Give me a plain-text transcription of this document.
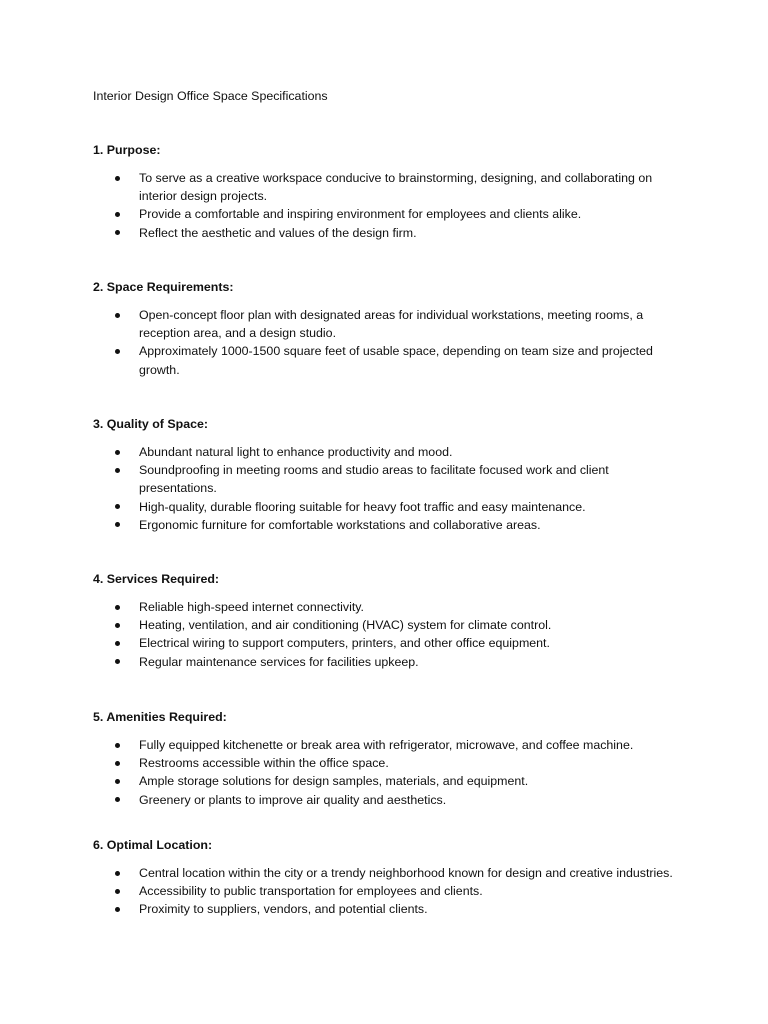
Interior Design Office Space Specifications
1. Purpose:
To serve as a creative workspace conducive to brainstorming, designing, and collaborating on interior design projects.
Provide a comfortable and inspiring environment for employees and clients alike.
Reflect the aesthetic and values of the design firm.
2. Space Requirements:
Open-concept floor plan with designated areas for individual workstations, meeting rooms, a reception area, and a design studio.
Approximately 1000-1500 square feet of usable space, depending on team size and projected growth.
3. Quality of Space:
Abundant natural light to enhance productivity and mood.
Soundproofing in meeting rooms and studio areas to facilitate focused work and client presentations.
High-quality, durable flooring suitable for heavy foot traffic and easy maintenance.
Ergonomic furniture for comfortable workstations and collaborative areas.
4. Services Required:
Reliable high-speed internet connectivity.
Heating, ventilation, and air conditioning (HVAC) system for climate control.
Electrical wiring to support computers, printers, and other office equipment.
Regular maintenance services for facilities upkeep.
5. Amenities Required:
Fully equipped kitchenette or break area with refrigerator, microwave, and coffee machine.
Restrooms accessible within the office space.
Ample storage solutions for design samples, materials, and equipment.
Greenery or plants to improve air quality and aesthetics.
6. Optimal Location:
Central location within the city or a trendy neighborhood known for design and creative industries.
Accessibility to public transportation for employees and clients.
Proximity to suppliers, vendors, and potential clients.
